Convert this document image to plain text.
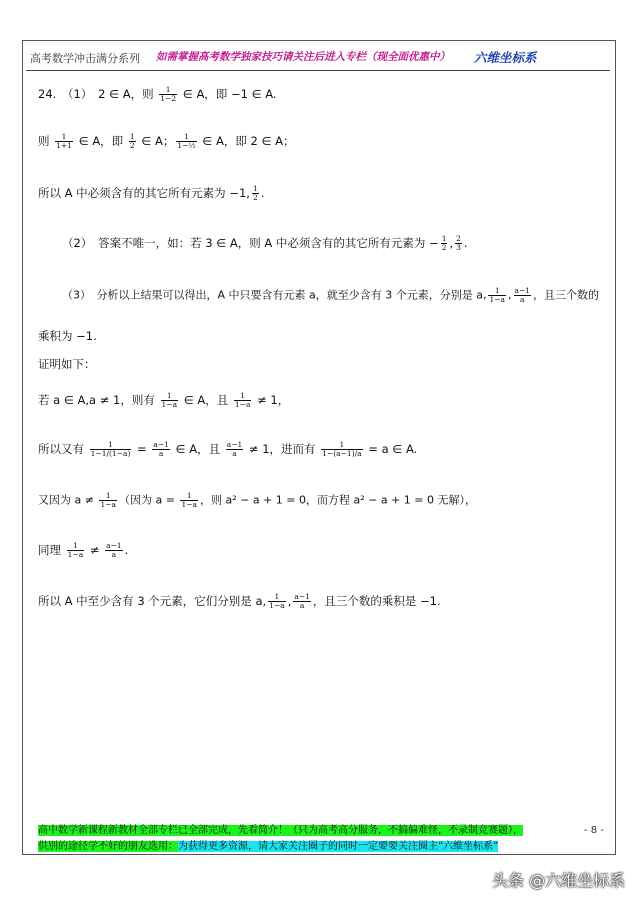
高考数学冲击满分系列 如需掌握高考数学独家技巧请关注后进入专栏（现全面优惠中） 六维坐标系
24.　（1）　2 ∈ A，则 $\frac{1}{1-2}$ ∈ A，即 −1 ∈ A.
则 $\frac{1}{1+1}$ ∈ A，即 $\frac{1}{2}$ ∈ A； $\frac{1}{\text{1−½}}$ ∈ A，即 2 ∈ A；
所以 A 中必须含有的其它所有元素为 −1, $\frac{1}{2}$ .
（2）　答案不唯一，如：若 3 ∈ A，则 A 中必须含有的其它所有元素为 − $\frac{1}{2}$ , $\frac{2}{3}$ .
（3）　分析以上结果可以得出，A 中只要含有元素 a，就至少含有 3 个元素，分别是 a, $\frac{1}{1-a}$ , $\frac{a-1}{a}$ ，且三个数的
乘积为 −1.
证明如下：
若 a ∈ A,a ≠ 1，则有 $\frac{1}{1-a}$ ∈ A，且 $\frac{1}{1-a} \ne 1$，
所以又有 $\frac{1}{1-1/(1-a)} = \frac{a-1}{a}$ ∈ A，且 $\frac{a-1}{a} \ne 1$，进而有 $\frac{1}{1-(a-1)/a} = a$ ∈ A.
又因为 $a \ne \frac{1}{1-a}$ （因为 $a = \frac{1}{1-a}$ ，则 a² − a + 1 = 0，而方程 a² − a + 1 = 0 无解），
同理 $\frac{1}{1-a} \ne \frac{a-1}{a}$ .
所以 A 中至少含有 3 个元素，它们分别是 a, $\frac{1}{1-a}$ , $\frac{a-1}{a}$ ，且三个数的乘积是 −1.
高中数学新课程新教材全部专栏已全部完成，先看简介！（只为高考高分服务，不搞偏难怪，不录制竞赛题），
供别的途径学不好的朋友选用：为获得更多资源，请大家关注圈子的同时一定要要关注圈主“六维坐标系”
- 8 -
头条 @六维坐标系
